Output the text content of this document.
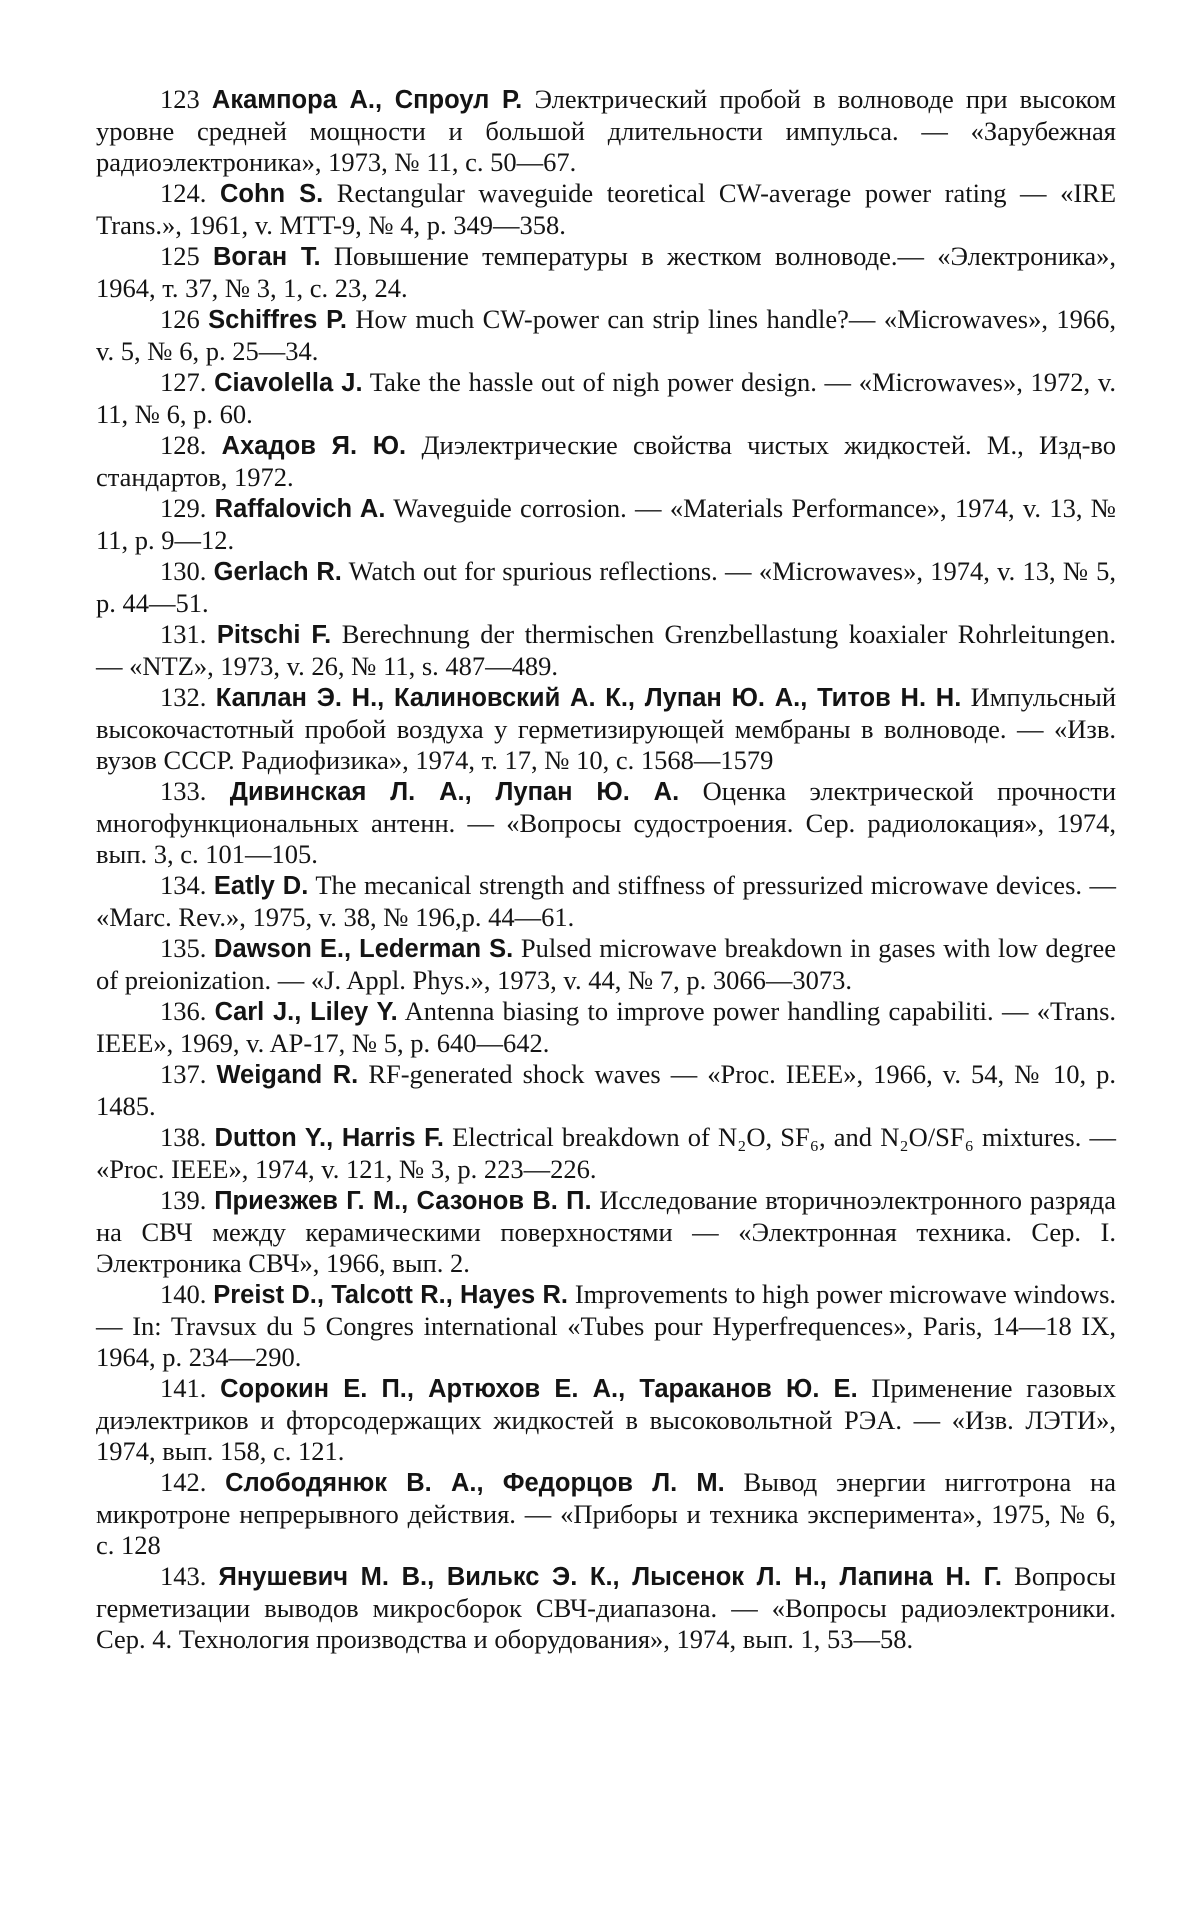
123 Акампора А., Спроул Р. Электрический пробой в волноводе при высоком уровне средней мощности и большой длительности импульса. — «Зарубежная радиоэлектроника», 1973, № 11, с. 50—67.

124. Cohn S. Rectangular waveguide teoretical CW-average power rating — «IRE Trans.», 1961, v. MTT-9, № 4, p. 349—358.

125 Воган Т. Повышение температуры в жестком волноводе.— «Электроника», 1964, т. 37, № 3, 1, с. 23, 24.

126 Schiffres P. How much CW-power can strip lines handle?— «Microwaves», 1966, v. 5, № 6, p. 25—34.

127. Ciavolella J. Take the hassle out of nigh power design. — «Microwaves», 1972, v. 11, № 6, p. 60.

128. Ахадов Я. Ю. Диэлектрические свойства чистых жидкостей. М., Изд-во стандартов, 1972.

129. Raffalovich A. Waveguide corrosion. — «Materials Performance», 1974, v. 13, № 11, p. 9—12.

130. Gerlach R. Watch out for spurious reflections. — «Microwaves», 1974, v. 13, № 5, p. 44—51.

131. Pitschi F. Berechnung der thermischen Grenzbellastung koaxialer Rohrleitungen. — «NTZ», 1973, v. 26, № 11, s. 487—489.

132. Каплан Э. Н., Калиновский А. К., Лупан Ю. А., Титов Н. Н. Импульсный высокочастотный пробой воздуха у герметизирующей мембраны в волноводе. — «Изв. вузов СССР. Радиофизика», 1974, т. 17, № 10, с. 1568—1579

133. Дивинская Л. А., Лупан Ю. А. Оценка электрической прочности многофункциональных антенн. — «Вопросы судостроения. Сер. радиолокация», 1974, вып. 3, с. 101—105.

134. Eatly D. The mecanical strength and stiffness of pressurized microwave devices. — «Marc. Rev.», 1975, v. 38, № 196,p. 44—61.

135. Dawson E., Lederman S. Pulsed microwave breakdown in gases with low degree of preionization. — «J. Appl. Phys.», 1973, v. 44, № 7, p. 3066—3073.

136. Carl J., Liley Y. Antenna biasing to improve power handling capabiliti. — «Trans. IEEE», 1969, v. AP-17, № 5, p. 640—642.

137. Weigand R. RF-generated shock waves — «Proc. IEEE», 1966, v. 54, № 10, p. 1485.

138. Dutton Y., Harris F. Electrical breakdown of N₂O, SF₆, and N₂O/SF₆ mixtures. — «Proc. IEEE», 1974, v. 121, № 3, p. 223—226.

139. Приезжев Г. М., Сазонов В. П. Исследование вторичноэлектронного разряда на СВЧ между керамическими поверхностями — «Электронная техника. Сер. I. Электроника СВЧ», 1966, вып. 2.

140. Preist D., Talcott R., Hayes R. Improvements to high power microwave windows. — In: Travsux du 5 Congres international «Tubes pour Hyperfrequences», Paris, 14—18 IX, 1964, p. 234—290.

141. Сорокин Е. П., Артюхов Е. А., Тараканов Ю. Е. Применение газовых диэлектриков и фторсодержащих жидкостей в высоковольтной РЭА. — «Изв. ЛЭТИ», 1974, вып. 158, с. 121.

142. Слободянюк В. А., Федорцов Л. М. Вывод энергии нигготрона на микротроне непрерывного действия. — «Приборы и техника эксперимента», 1975, № 6, с. 128

143. Янушевич М. В., Вилькс Э. К., Лысенок Л. Н., Лапина Н. Г. Вопросы герметизации выводов микросборок СВЧ-диапазона. — «Вопросы радиоэлектроники. Сер. 4. Технология производства и оборудования», 1974, вып. 1, 53—58.
